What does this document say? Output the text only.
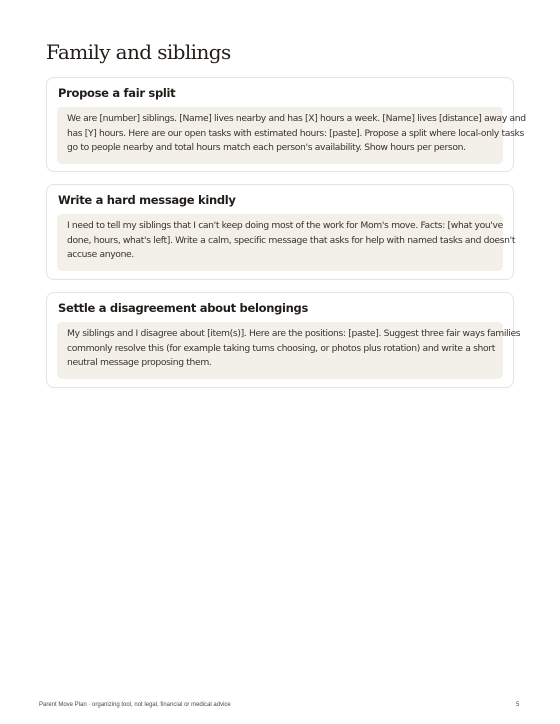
Family and siblings
Propose a fair split
We are [number] siblings. [Name] lives nearby and has [X] hours a week. [Name] lives [distance] away and
has [Y] hours. Here are our open tasks with estimated hours: [paste]. Propose a split where local-only tasks
go to people nearby and total hours match each person's availability. Show hours per person.
Write a hard message kindly
I need to tell my siblings that I can't keep doing most of the work for Mom's move. Facts: [what you've
done, hours, what's left]. Write a calm, specific message that asks for help with named tasks and doesn't
accuse anyone.
Settle a disagreement about belongings
My siblings and I disagree about [item(s)]. Here are the positions: [paste]. Suggest three fair ways families
commonly resolve this (for example taking turns choosing, or photos plus rotation) and write a short
neutral message proposing them.
Parent Move Plan · organizing tool, not legal, financial or medical advice	5
